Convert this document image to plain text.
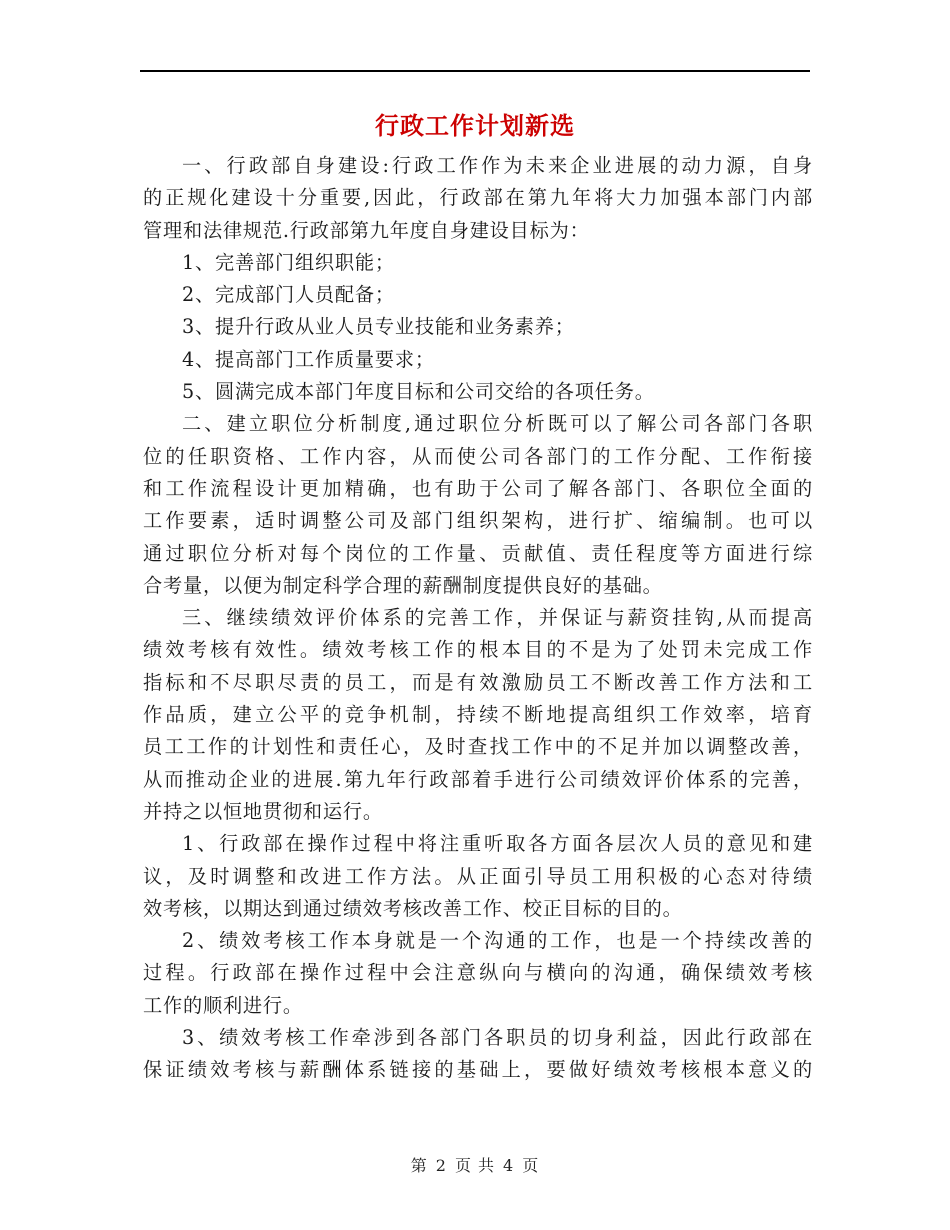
行政工作计划新选
一、行政部自身建设:行政工作作为未来企业进展的动力源，自身
的正规化建设十分重要,因此，行政部在第九年将大力加强本部门内部
管理和法律规范.行政部第九年度自身建设目标为：
1、完善部门组织职能；
2、完成部门人员配备；
3、提升行政从业人员专业技能和业务素养；
4、提高部门工作质量要求；
5、圆满完成本部门年度目标和公司交给的各项任务。
二、建立职位分析制度,通过职位分析既可以了解公司各部门各职
位的任职资格、工作内容，从而使公司各部门的工作分配、工作衔接
和工作流程设计更加精确，也有助于公司了解各部门、各职位全面的
工作要素，适时调整公司及部门组织架构，进行扩、缩编制。也可以
通过职位分析对每个岗位的工作量、贡献值、责任程度等方面进行综
合考量，以便为制定科学合理的薪酬制度提供良好的基础。
三、继续绩效评价体系的完善工作，并保证与薪资挂钩,从而提高
绩效考核有效性。绩效考核工作的根本目的不是为了处罚未完成工作
指标和不尽职尽责的员工，而是有效激励员工不断改善工作方法和工
作品质，建立公平的竞争机制，持续不断地提高组织工作效率，培育
员工工作的计划性和责任心，及时查找工作中的不足并加以调整改善，
从而推动企业的进展.第九年行政部着手进行公司绩效评价体系的完善，
并持之以恒地贯彻和运行。
1、行政部在操作过程中将注重听取各方面各层次人员的意见和建
议，及时调整和改进工作方法。从正面引导员工用积极的心态对待绩
效考核，以期达到通过绩效考核改善工作、校正目标的目的。
2、绩效考核工作本身就是一个沟通的工作，也是一个持续改善的
过程。行政部在操作过程中会注意纵向与横向的沟通，确保绩效考核
工作的顺利进行。
3、绩效考核工作牵涉到各部门各职员的切身利益，因此行政部在
保证绩效考核与薪酬体系链接的基础上，要做好绩效考核根本意义的
第 2 页 共 4 页
